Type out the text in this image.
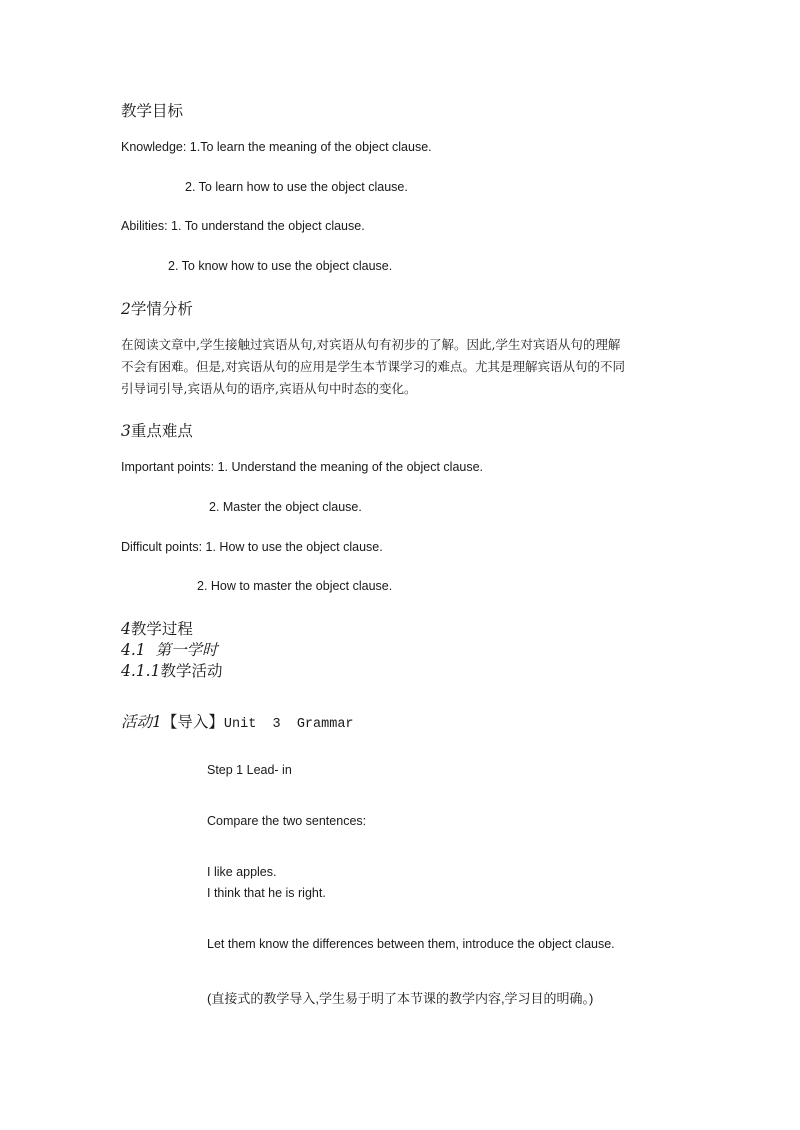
教学目标
Knowledge: 1.To learn the meaning of the object clause.
2. To learn how to use the object clause.
Abilities: 1. To understand the object clause.
2. To know how to use the object clause.
2学情分析
在阅读文章中,学生接触过宾语从句,对宾语从句有初步的了解。因此,学生对宾语从句的理解
不会有困难。但是,对宾语从句的应用是学生本节课学习的难点。尤其是理解宾语从句的不同
引导词引导,宾语从句的语序,宾语从句中时态的变化。
3重点难点
Important points: 1. Understand the meaning of the object clause.
2. Master the object clause.
Difficult points: 1. How to use the object clause.
2. How to master the object clause.
4教学过程
4.1 第一学时
4.1.1教学活动
活动1【导入】Unit  3  Grammar
Step 1 Lead- in
Compare the two sentences:
I like apples.
I think that he is right.
Let them know the differences between them, introduce the object clause.
(直接式的教学导入,学生易于明了本节课的教学内容,学习目的明确。)
